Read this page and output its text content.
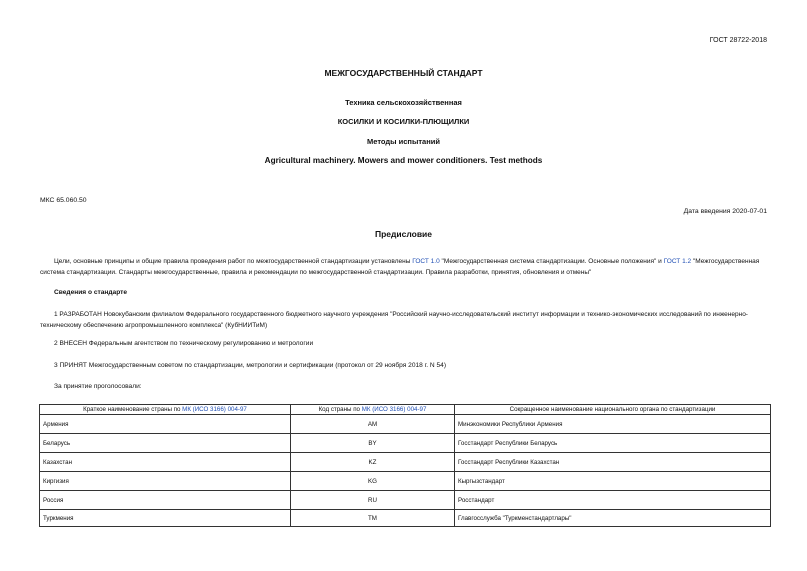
ГОСТ 28722-2018
МЕЖГОСУДАРСТВЕННЫЙ СТАНДАРТ
Техника сельскохозяйственная
КОСИЛКИ И КОСИЛКИ-ПЛЮЩИЛКИ
Методы испытаний
Agricultural machinery. Mowers and mower conditioners. Test methods
МКС 65.060.50
Дата введения 2020-07-01
Предисловие
Цели, основные принципы и общие правила проведения работ по межгосударственной стандартизации установлены ГОСТ 1.0 "Межгосударственная система стандартизации. Основные положения" и ГОСТ 1.2 "Межгосударственная система стандартизации. Стандарты межгосударственные, правила и рекомендации по межгосударственной стандартизации. Правила разработки, принятия, обновления и отмены"
Сведения о стандарте
1 РАЗРАБОТАН Новокубанским филиалом Федерального государственного бюджетного научного учреждения "Российский научно-исследовательский институт информации и технико-экономических исследований по инженерно-техническому обеспечению агропромышленного комплекса" (КубНИИТиМ)
2 ВНЕСЕН Федеральным агентством по техническому регулированию и метрологии
3 ПРИНЯТ Межгосударственным советом по стандартизации, метрологии и сертификации (протокол от 29 ноября 2018 г. N 54)
За принятие проголосовали:
Краткое наименование страны по МК (ИСО 3166) 004-97	Код страны по МК (ИСО 3166) 004-97	Сокращенное наименование национального органа по стандартизации
Армения	AM	Минэкономики Республики Армения
Беларусь	BY	Госстандарт Республики Беларусь
Казахстан	KZ	Госстандарт Республики Казахстан
Киргизия	KG	Кыргызстандарт
Россия	RU	Росстандарт
Туркмения	TM	Главгосслужба "Туркменстандартлары"
